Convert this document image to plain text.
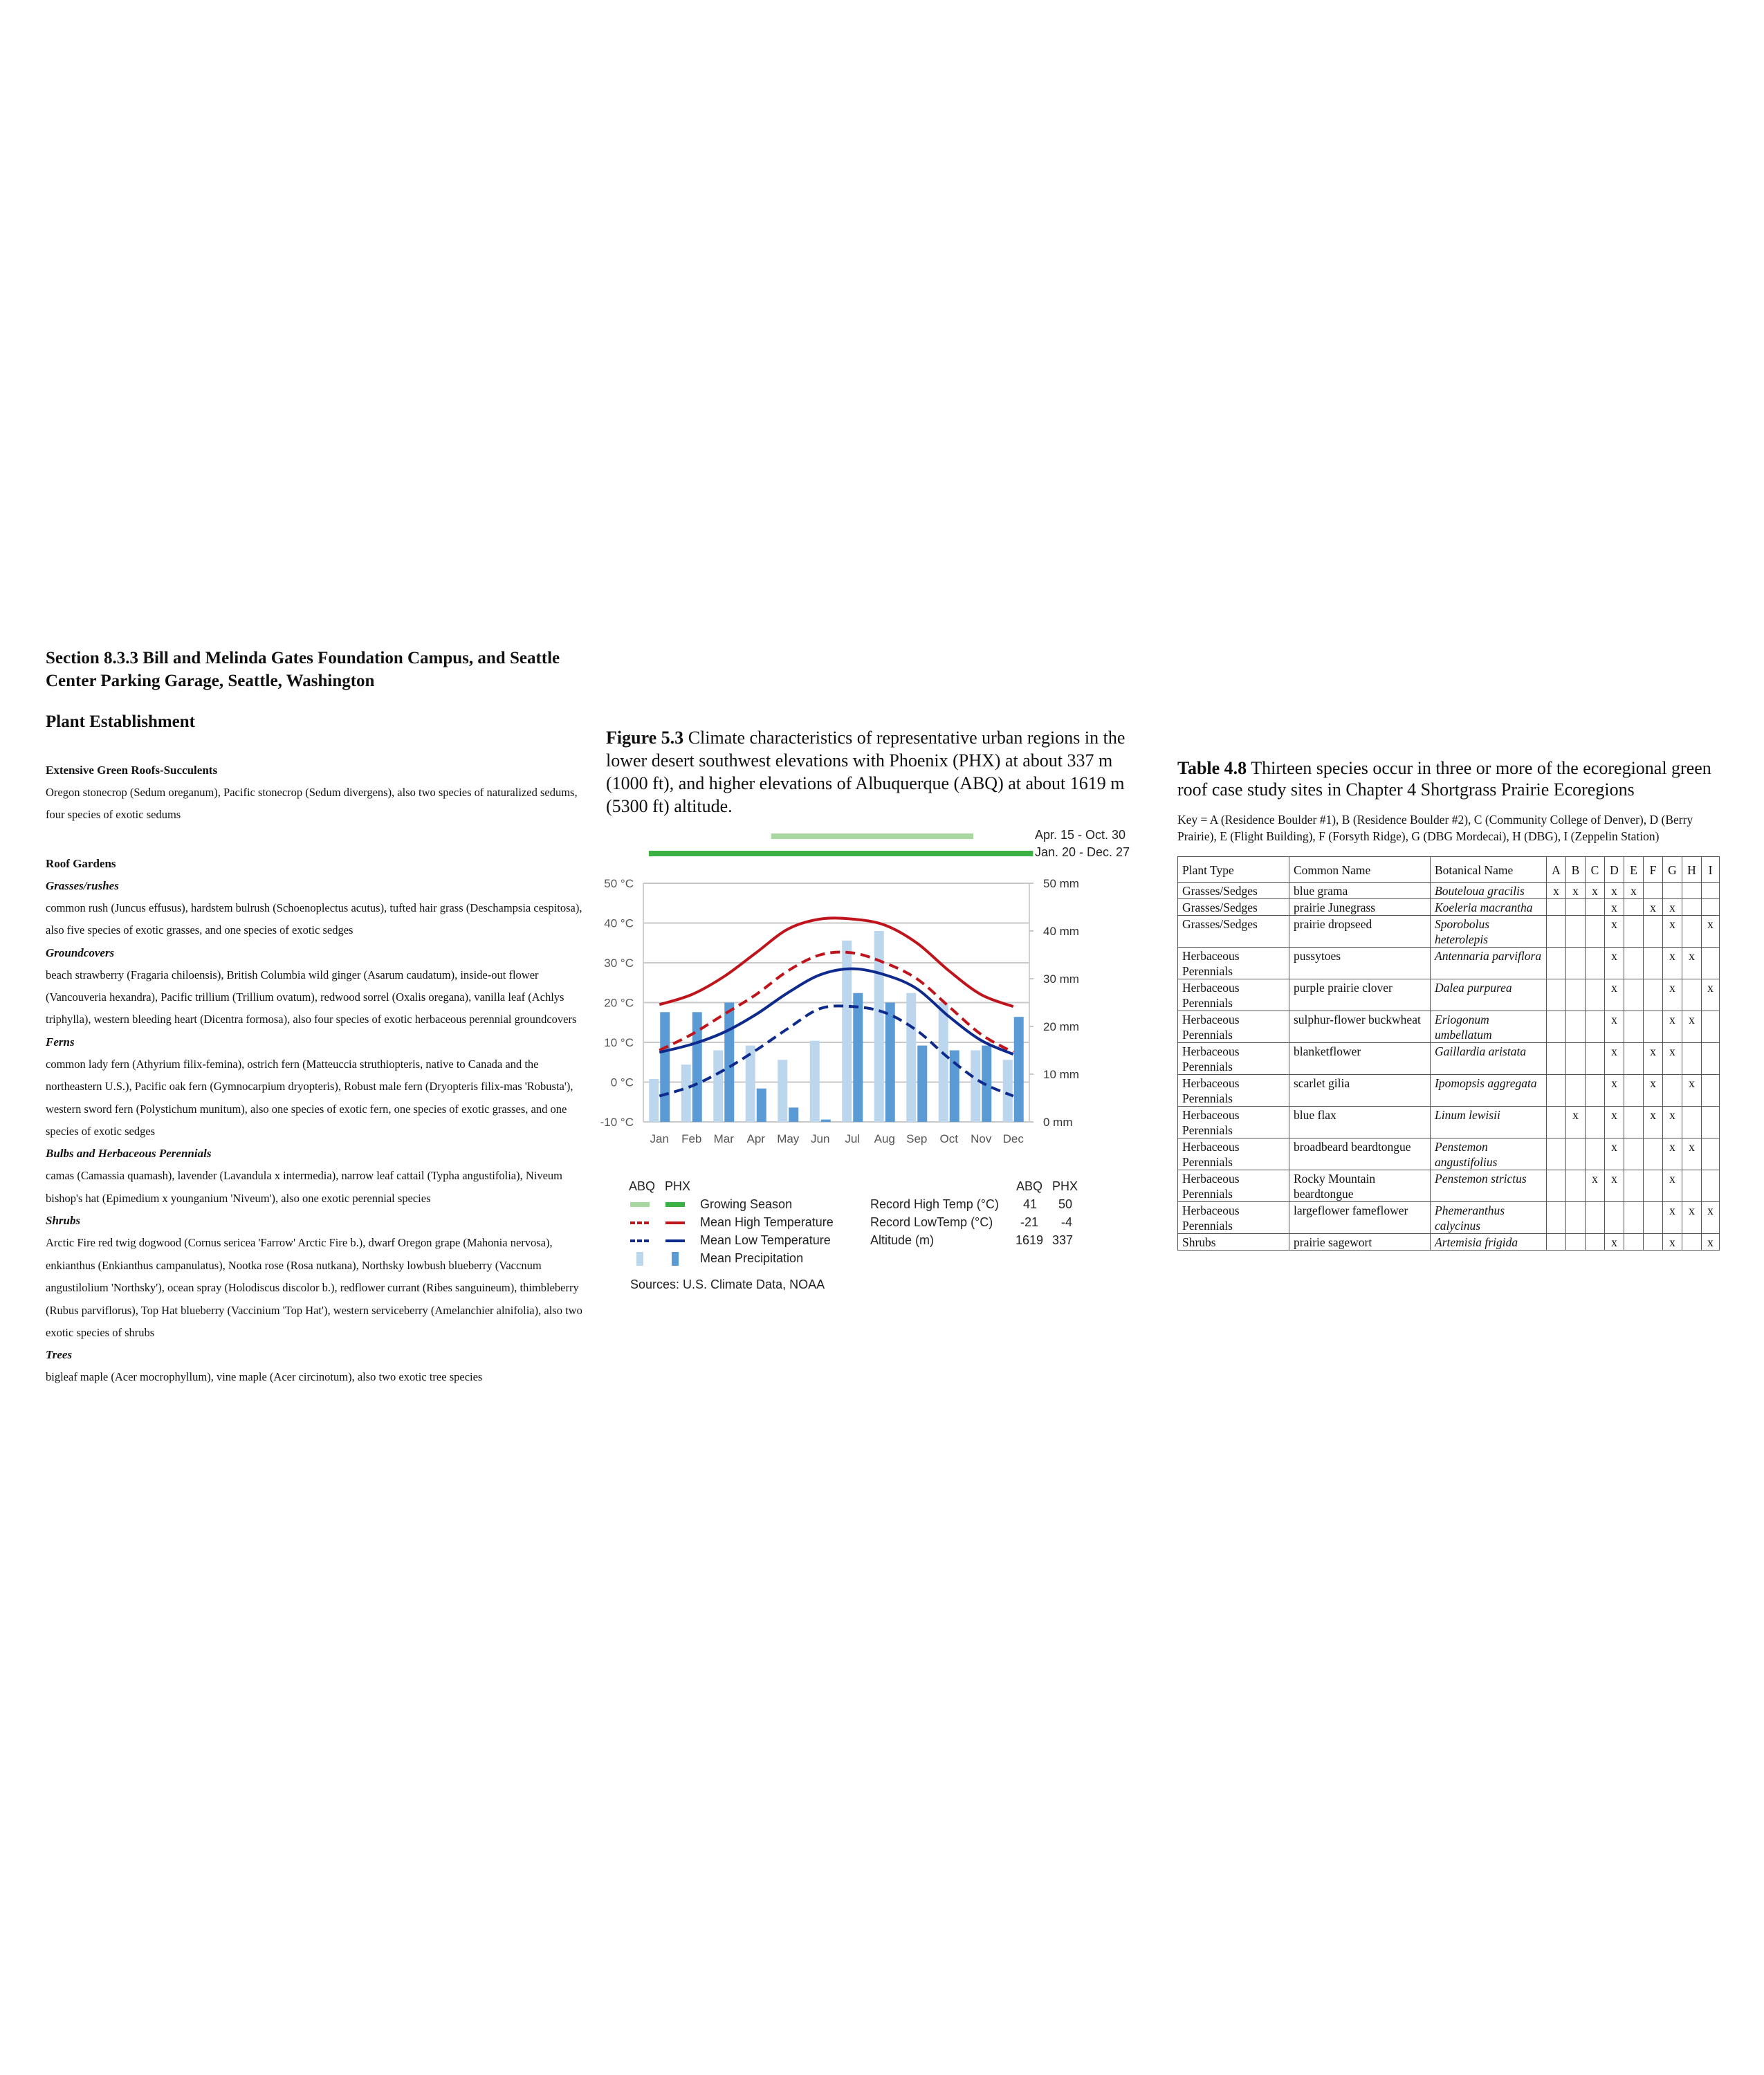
Section 8.3.3 Bill and Melinda Gates Foundation Campus, and Seattle Center Parking Garage, Seattle, Washington

Plant Establishment

Extensive Green Roofs-Succulents

Oregon stonecrop (Sedum oreganum), Pacific stonecrop (Sedum divergens), also two species of naturalized sedums, four species of exotic sedums

Roof Gardens

Grasses/rushes

common rush (Juncus effusus), hardstem bulrush (Schoenoplectus acutus), tufted hair grass (Deschampsia cespitosa), also five species of exotic grasses, and one species of exotic sedges

Groundcovers

beach strawberry (Fragaria chiloensis), British Columbia wild ginger (Asarum caudatum), inside-out flower (Vancouveria hexandra), Pacific trillium (Trillium ovatum), redwood sorrel (Oxalis oregana), vanilla leaf (Achlys triphylla), western bleeding heart (Dicentra formosa), also four species of exotic herbaceous perennial groundcovers

Ferns

common lady fern (Athyrium filix-femina), ostrich fern (Matteuccia struthiopteris, native to Canada and the northeastern U.S.), Pacific oak fern (Gymnocarpium dryopteris), Robust male fern (Dryopteris filix-mas 'Robusta'), western sword fern (Polystichum munitum), also one species of exotic fern, one species of exotic grasses, and one species of exotic sedges

Bulbs and Herbaceous Perennials

camas (Camassia quamash), lavender (Lavandula x intermedia), narrow leaf cattail (Typha angustifolia), Niveum bishop's hat (Epimedium x younganium 'Niveum'), also one exotic perennial species

Shrubs

Arctic Fire red twig dogwood (Cornus sericea 'Farrow' Arctic Fire b.), dwarf Oregon grape (Mahonia nervosa), enkianthus (Enkianthus campanulatus), Nootka rose (Rosa nutkana), Northsky lowbush blueberry (Vaccnum angustilolium 'Northsky'), ocean spray (Holodiscus discolor b.), redflower currant (Ribes sanguineum), thimbleberry (Rubus parviflorus), Top Hat blueberry (Vaccinium 'Top Hat'), western serviceberry (Amelanchier alnifolia), also two exotic species of shrubs

Trees

bigleaf maple (Acer mocrophyllum), vine maple (Acer circinotum), also two exotic tree species

Figure 5.3 Climate characteristics of representative urban regions in the lower desert southwest elevations with Phoenix (PHX) at about 337 m (1000 ft), and higher elevations of Albuquerque (ABQ) at about 1619 m (5300 ft) altitude.

50 °C
40 °C
30 °C
20 °C
10 °C
0 °C
-10 °C
50 mm
40 mm
30 mm
20 mm
10 mm
0 mm
Jan Feb Mar Apr May Jun Jul Aug Sep Oct Nov Dec
Apr. 15 - Oct. 30
Jan. 20 - Dec. 27
ABQ PHX
Growing Season
Mean High Temperature
Mean Low Temperature
Mean Precipitation
ABQ PHX
Record High Temp (°C)
Record LowTemp (°C)
Altitude (m)
41 50
-21 -4
1619 337
Sources: U.S. Climate Data, NOAA

Table 4.8 Thirteen species occur in three or more of the ecoregional green roof case study sites in Chapter 4 Shortgrass Prairie Ecoregions

Key = A (Residence Boulder #1), B (Residence Boulder #2), C (Community College of Denver), D (Berry Prairie), E (Flight Building), F (Forsyth Ridge), G (DBG Mordecai), H (DBG), I (Zeppelin Station)

Plant Type	Common Name	Botanical Name	A	B	C	D	E	F	G	H	I
Grasses/Sedges	blue grama	Bouteloua gracilis	x	x	x	x	x				
Grasses/Sedges	prairie Junegrass	Koeleria macrantha				x		x	x		
Grasses/Sedges	prairie dropseed	Sporobolus heterolepis				x			x		x
Herbaceous Perennials	pussytoes	Antennaria parviflora				x			x	x	
Herbaceous Perennials	purple prairie clover	Dalea purpurea				x			x		x
Herbaceous Perennials	sulphur-flower buckwheat	Eriogonum umbellatum				x			x	x	
Herbaceous Perennials	blanketflower	Gaillardia aristata				x		x	x		
Herbaceous Perennials	scarlet gilia	Ipomopsis aggregata				x		x		x	
Herbaceous Perennials	blue flax	Linum lewisii		x		x		x	x		
Herbaceous Perennials	broadbeard beardtongue	Penstemon angustifolius				x			x	x	
Herbaceous Perennials	Rocky Mountain beardtongue	Penstemon strictus			x	x			x		
Herbaceous Perennials	largeflower fameflower	Phemeranthus calycinus							x	x	x
Shrubs	prairie sagewort	Artemisia frigida				x			x		x
